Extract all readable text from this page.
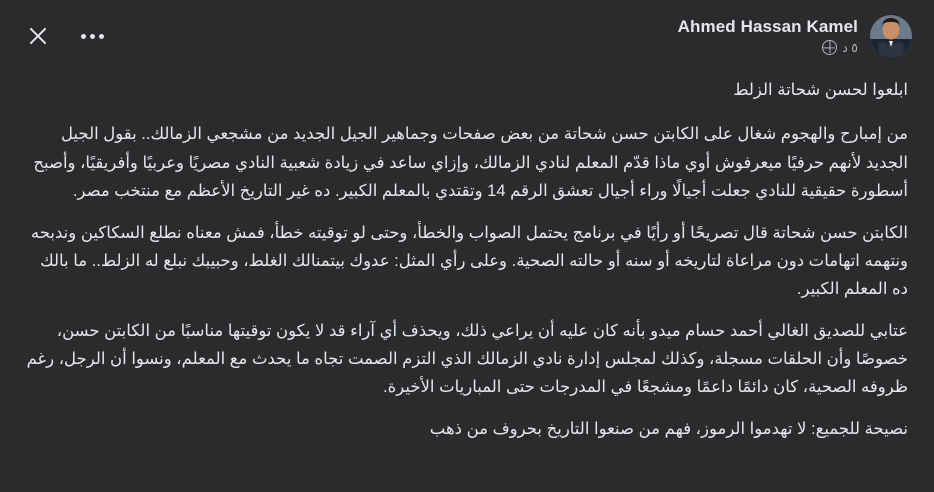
Ahmed Hassan Kamel
٥ د

ابلعوا لحسن شحاتة الزلط

من إمبارح والهجوم شغال على الكابتن حسن شحاتة من بعض صفحات وجماهير الجيل الجديد من مشجعي الزمالك.. بقول الجيل الجديد لأنهم حرفيًا ميعرفوش أوي ماذا قدّم المعلم لنادي الزمالك، وإزاي ساعد في زيادة شعبية النادي مصريًا وعربيًا وأفريقيًا، وأصبح أسطورة حقيقية للنادي جعلت أجيالًا وراء أجيال تعشق الرقم 14 وتقتدي بالمعلم الكبير. ده غير التاريخ الأعظم مع منتخب مصر.

الكابتن حسن شحاتة قال تصريحًا أو رأيًا في برنامج يحتمل الصواب والخطأ، وحتى لو توقيته خطأ، فمش معناه نطلع السكاكين وندبحه ونتهمه اتهامات دون مراعاة لتاريخه أو سنه أو حالته الصحية. وعلى رأي المثل: عدوك بيتمنالك الغلط، وحبيبك نبلع له الزلط.. ما بالك ده المعلم الكبير.

عتابي للصديق الغالي أحمد حسام ميدو بأنه كان عليه أن يراعي ذلك، ويحذف أي آراء قد لا يكون توقيتها مناسبًا من الكابتن حسن، خصوصًا وأن الحلقات مسجلة، وكذلك لمجلس إدارة نادي الزمالك الذي التزم الصمت تجاه ما يحدث مع المعلم، ونسوا أن الرجل، رغم ظروفه الصحية، كان دائمًا داعمًا ومشجعًا في المدرجات حتى المباريات الأخيرة.

نصيحة للجميع: لا تهدموا الرموز، فهم من صنعوا التاريخ بحروف من ذهب
